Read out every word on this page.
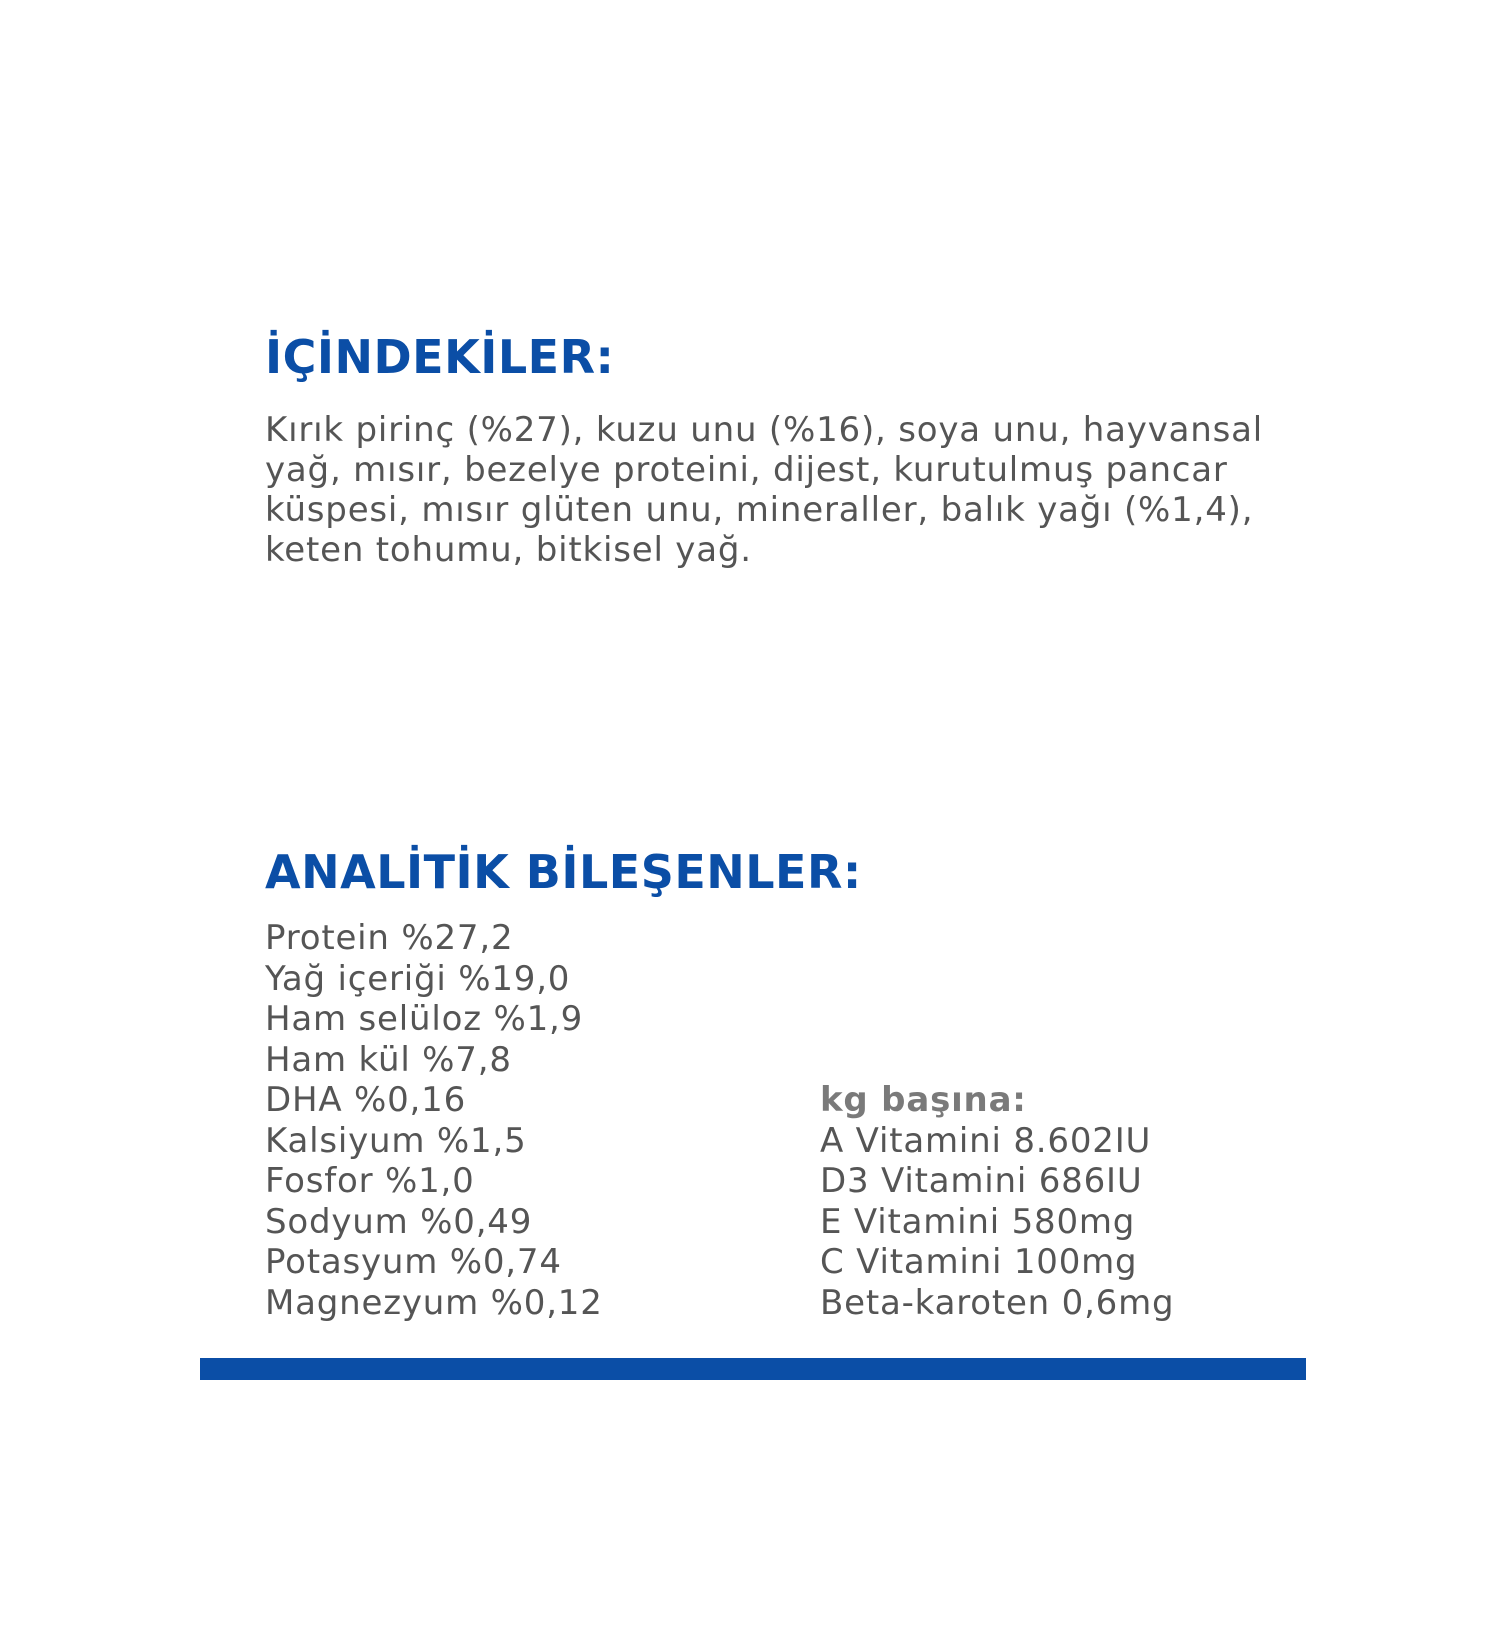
İÇİNDEKİLER:

Kırık pirinç (%27), kuzu unu (%16), soya unu, hayvansal yağ, mısır, bezelye proteini, dijest, kurutulmuş pancar küspesi, mısır glüten unu, mineraller, balık yağı (%1,4), keten tohumu, bitkisel yağ.

ANALİTİK BİLEŞENLER:
Protein %27,2
Yağ içeriği %19,0
Ham selüloz %1,9
Ham kül %7,8
DHA %0,16
Kalsiyum %1,5
Fosfor %1,0
Sodyum %0,49
Potasyum %0,74
Magnezyum %0,12
kg başına:
A Vitamini 8.602IU
D3 Vitamini 686IU
E Vitamini 580mg
C Vitamini 100mg
Beta-karoten 0,6mg
